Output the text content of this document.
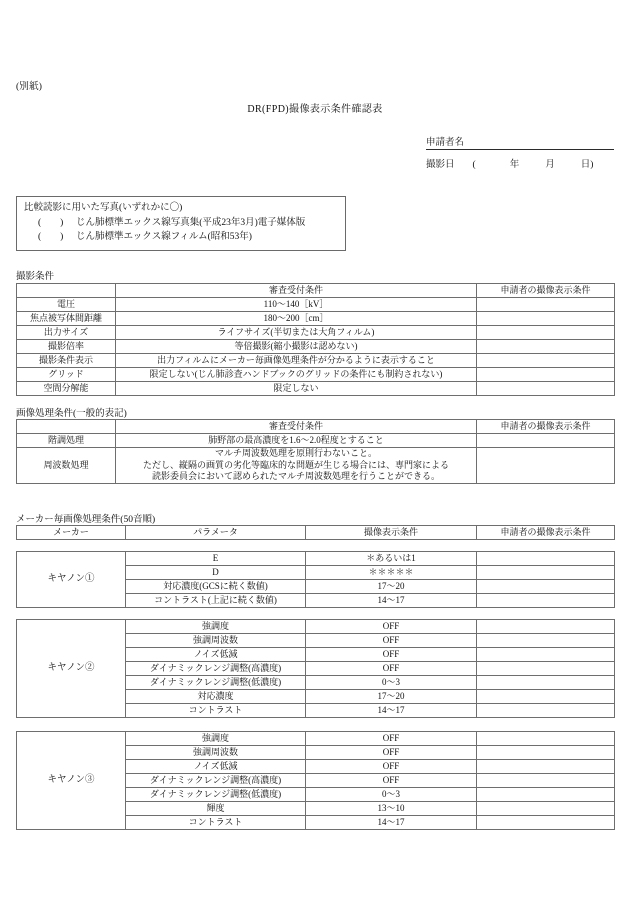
(別紙)
DR(FPD)撮像表示条件確認表
申請者名
撮影日 (	年	月	日)
比較読影に用いた写真(いずれかに〇)
(　　)	じん肺標準エックス線写真集(平成23年3月)電子媒体版
(　　)	じん肺標準エックス線フィルム(昭和53年)
撮影条件
	審査受付条件	申請者の撮像表示条件
電圧	110～140［kV］	
焦点被写体間距離	180～200［cm］	
出力サイズ	ライフサイズ(半切または大角フィルム)	
撮影倍率	等倍撮影(縮小撮影は認めない)	
撮影条件表示	出力フィルムにメーカー毎画像処理条件が分かるように表示すること	
グリッド	限定しない(じん肺診査ハンドブックのグリッドの条件にも制約されない)	
空間分解能	限定しない	
画像処理条件(一般的表記)
	審査受付条件	申請者の撮像表示条件
階調処理	肺野部の最高濃度を1.6～2.0程度とすること	
周波数処理	マルチ周波数処理を原則行わないこと。
ただし、縦隔の画質の劣化等臨床的な問題が生じる場合には、専門家による
読影委員会において認められたマルチ周波数処理を行うことができる。	

メーカー毎画像処理条件(50音順)
メーカー	パラメータ	撮像表示条件	申請者の撮像表示条件
キヤノン①	E	＊あるいは1	
	D	＊＊＊＊＊	
	対応濃度(GCSに続く数値)	17～20	
	コントラスト(上記に続く数値)	14～17	
キヤノン②	強調度	OFF	
	強調周波数	OFF	
	ノイズ低減	OFF	
	ダイナミックレンジ調整(高濃度)	OFF	
	ダイナミックレンジ調整(低濃度)	0～3	
	対応濃度	17～20	
	コントラスト	14～17	
キヤノン③	強調度	OFF	
	強調周波数	OFF	
	ノイズ低減	OFF	
	ダイナミックレンジ調整(高濃度)	OFF	
	ダイナミックレンジ調整(低濃度)	0～3	
	輝度	13～10	
	コントラスト	14～17	
